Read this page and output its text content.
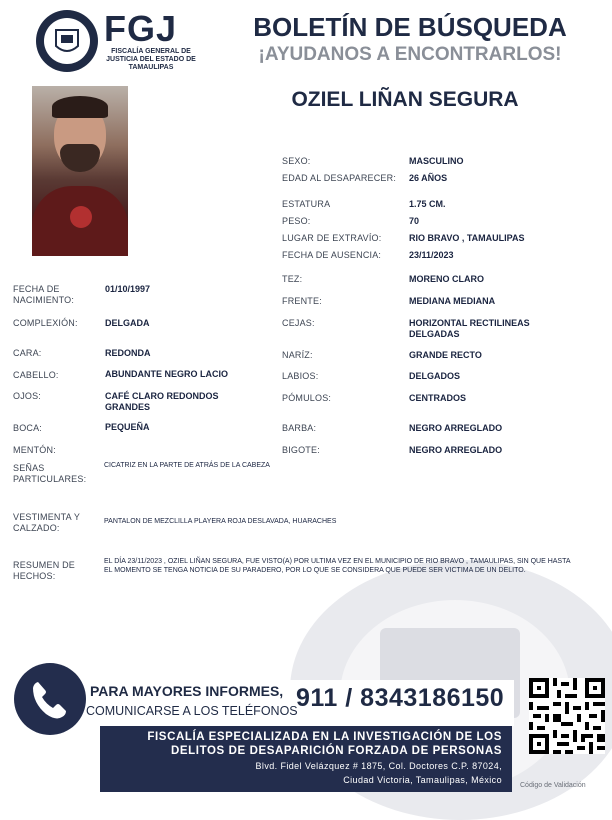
FGJ
FISCALÍA GENERAL DE JUSTICIA DEL ESTADO DE TAMAULIPAS
BOLETÍN DE BÚSQUEDA
¡AYUDANOS A ENCONTRARLOS!
OZIEL LIÑAN SEGURA
SEXO:	MASCULINO
EDAD AL DESAPARECER: 26 AÑOS
ESTATURA	1.75 CM.
PESO:	70
LUGAR DE EXTRAVÍO:	RIO BRAVO , TAMAULIPAS
FECHA DE AUSENCIA:	23/11/2023
TEZ:	MORENO CLARO
FRENTE:	MEDIANA MEDIANA
CEJAS:	HORIZONTAL RECTILINEAS DELGADAS
NARÍZ:	GRANDE RECTO
LABIOS:	DELGADOS
PÓMULOS:	CENTRADOS
BARBA:	NEGRO ARREGLADO
BIGOTE:	NEGRO ARREGLADO
FECHA DE NACIMIENTO:
01/10/1997
COMPLEXIÓN:	DELGADA
CARA:	REDONDA
CABELLO:	ABUNDANTE NEGRO LACIO
OJOS:	CAFÉ CLARO REDONDOS GRANDES
BOCA:	PEQUEÑA
MENTÓN:
SEÑAS PARTICULARES:
CICATRIZ EN LA PARTE DE ATRÁS DE LA CABEZA
VESTIMENTA Y CALZADO:
PANTALON DE MEZCLILLA PLAYERA ROJA DESLAVADA, HUARACHES
RESUMEN DE HECHOS:
EL DÍA 23/11/2023 , OZIEL LIÑAN SEGURA, FUE VISTO(A) POR ULTIMA VEZ EN EL MUNICIPIO DE RIO BRAVO , TAMAULIPAS, SIN QUE HASTA EL MOMENTO SE TENGA NOTICIA DE SU PARADERO, POR LO QUE SE CONSIDERA QUE PUEDE SER VICTIMA DE UN DELITO.
PARA MAYORES INFORMES,
COMUNICARSE A LOS TELÉFONOS
911 / 8343186150
FISCALÍA ESPECIALIZADA EN LA INVESTIGACIÓN DE LOS
DELITOS DE DESAPARICIÓN FORZADA DE PERSONAS
Blvd. Fidel Velázquez # 1875, Col. Doctores C.P. 87024,
Ciudad Victoria, Tamaulipas, México
Código de Validación
